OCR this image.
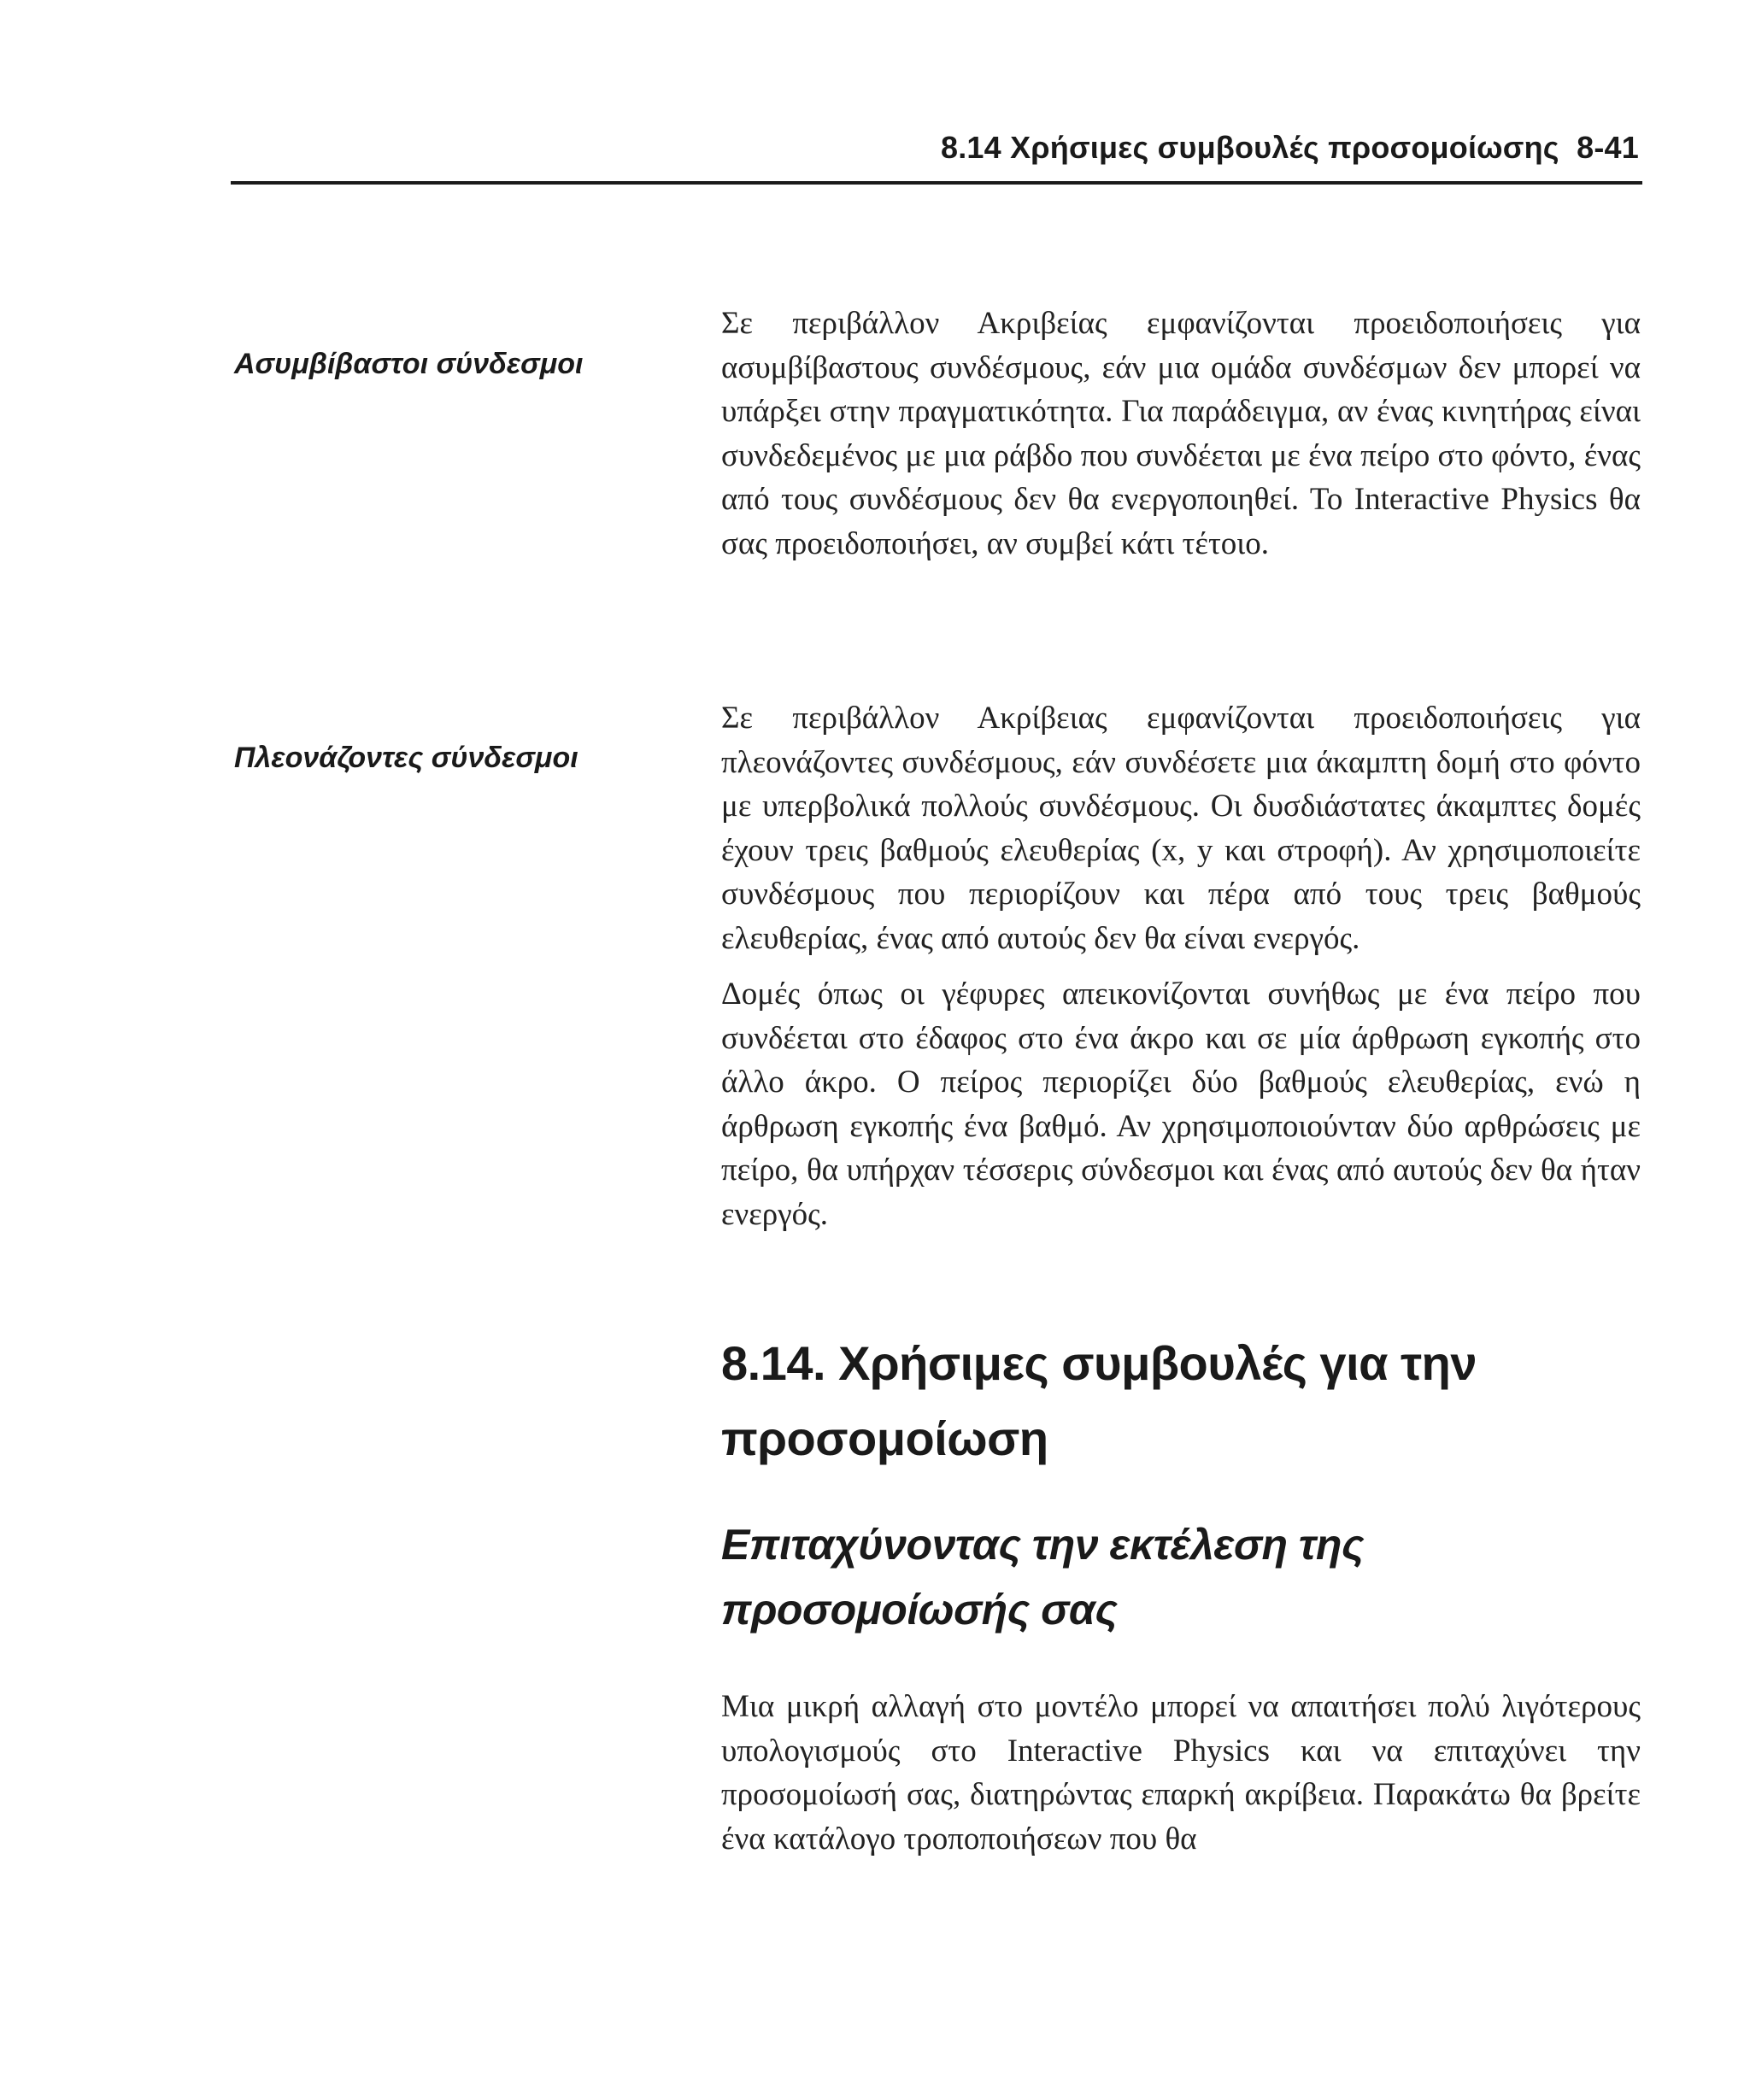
8.14 Χρήσιμες συμβουλές προσομοίωσης 8-41
Ασυμβίβαστοι σύνδεσμοι

Σε περιβάλλον Ακριβείας εμφανίζονται προειδοποιήσεις για ασυμβίβαστους συνδέσμους, εάν μια ομάδα συνδέσμων δεν μπορεί να υπάρξει στην πραγματικότητα. Για παράδειγμα, αν ένας κινητήρας είναι συνδεδεμένος με μια ράβδο που συνδέεται με ένα πείρο στο φόντο, ένας από τους συνδέσμους δεν θα ενεργοποιηθεί. Το Interactive Physics θα σας προειδοποιήσει, αν συμβεί κάτι τέτοιο.

Πλεονάζοντες σύνδεσμοι

Σε περιβάλλον Ακρίβειας εμφανίζονται προειδοποιήσεις για πλεονάζοντες συνδέσμους, εάν συνδέσετε μια άκαμπτη δομή στο φόντο με υπερβολικά πολλούς συνδέσμους. Οι δυσδιάστατες άκαμπτες δομές έχουν τρεις βαθμούς ελευθερίας (x, y και στροφή). Αν χρησιμοποιείτε συνδέσμους που περιορίζουν και πέρα από τους τρεις βαθμούς ελευθερίας, ένας από αυτούς δεν θα είναι ενεργός.

Δομές όπως οι γέφυρες απεικονίζονται συνήθως με ένα πείρο που συνδέεται στο έδαφος στο ένα άκρο και σε μία άρθρωση εγκοπής στο άλλο άκρο. Ο πείρος περιορίζει δύο βαθμούς ελευθερίας, ενώ η άρθρωση εγκοπής ένα βαθμό. Αν χρησιμοποιούνταν δύο αρθρώσεις με πείρο, θα υπήρχαν τέσσερις σύνδεσμοι και ένας από αυτούς δεν θα ήταν ενεργός.

8.14. Χρήσιμες συμβουλές για την προσομοίωση
Επιταχύνοντας την εκτέλεση της προσομοίωσής σας

Μια μικρή αλλαγή στο μοντέλο μπορεί να απαιτήσει πολύ λιγότερους υπολογισμούς στο Interactive Physics και να επιταχύνει την προσομοίωσή σας, διατηρώντας επαρκή ακρίβεια. Παρακάτω θα βρείτε ένα κατάλογο τροποποιήσεων που θα
